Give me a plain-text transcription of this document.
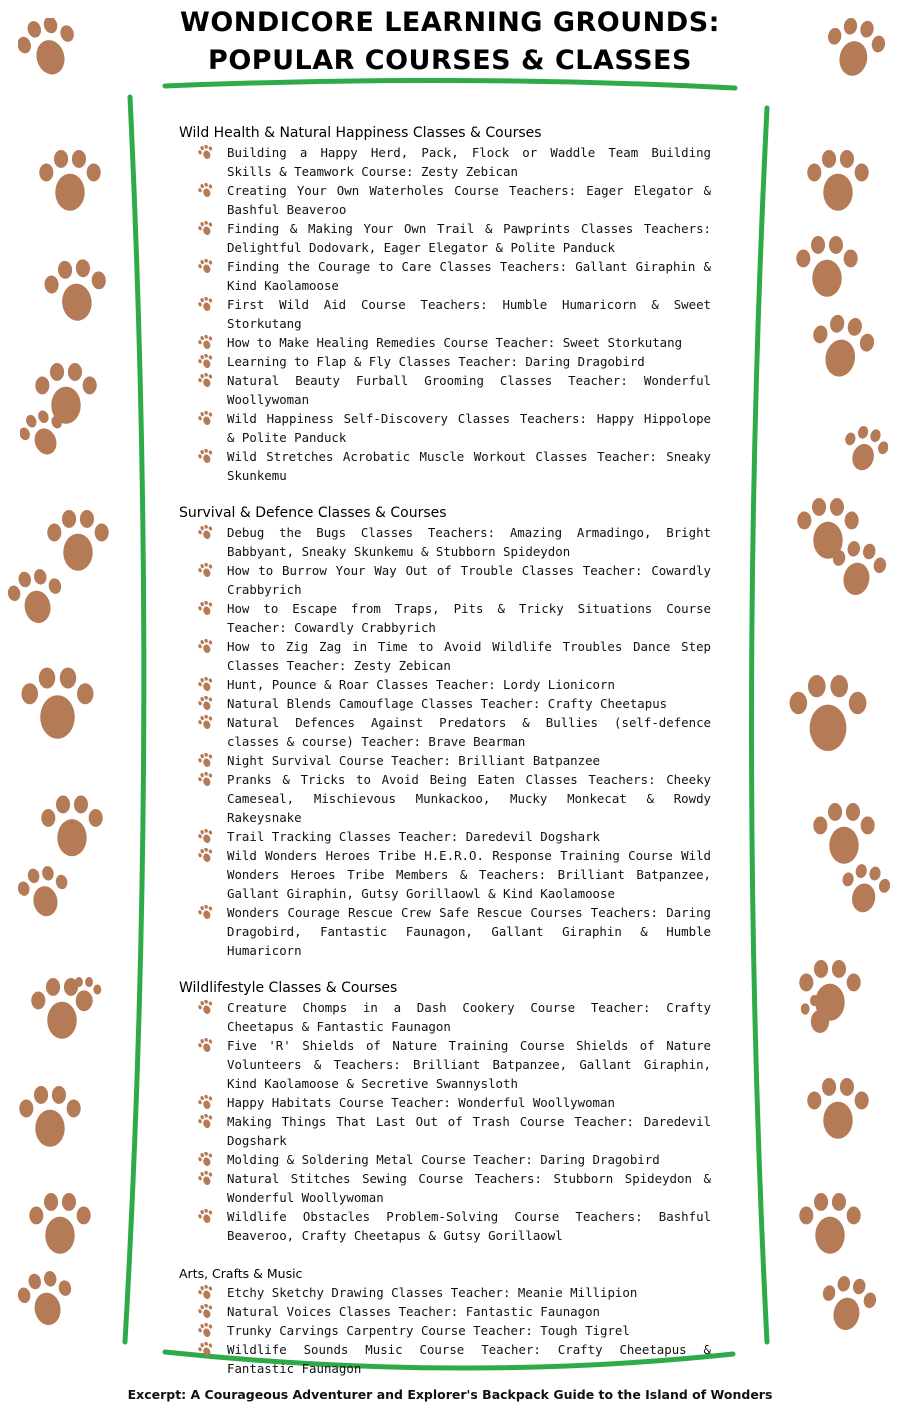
WONDICORE LEARNING GROUNDS:
POPULAR COURSES & CLASSES
Wild Health & Natural Happiness Classes & Courses
Building a Happy Herd, Pack, Flock or Waddle Team Building Skills & Teamwork Course: Zesty Zebican
Creating Your Own Waterholes Course Teachers: Eager Elegator & Bashful Beaveroo
Finding & Making Your Own Trail & Pawprints Classes Teachers: Delightful Dodovark, Eager Elegator & Polite Panduck
Finding the Courage to Care Classes Teachers: Gallant Giraphin & Kind Kaolamoose
First Wild Aid Course Teachers: Humble Humaricorn & Sweet Storkutang
How to Make Healing Remedies Course Teacher: Sweet Storkutang
Learning to Flap & Fly Classes Teacher: Daring Dragobird
Natural Beauty Furball Grooming Classes Teacher: Wonderful Woollywoman
Wild Happiness Self-Discovery Classes Teachers: Happy Hippolope & Polite Panduck
Wild Stretches Acrobatic Muscle Workout Classes Teacher: Sneaky Skunkemu
Survival & Defence Classes & Courses
Debug the Bugs Classes Teachers: Amazing Armadingo, Bright Babbyant, Sneaky Skunkemu & Stubborn Spideydon
How to Burrow Your Way Out of Trouble Classes Teacher: Cowardly Crabbyrich
How to Escape from Traps, Pits & Tricky Situations Course Teacher: Cowardly Crabbyrich
How to Zig Zag in Time to Avoid Wildlife Troubles Dance Step Classes Teacher: Zesty Zebican
Hunt, Pounce & Roar Classes Teacher: Lordy Lionicorn
Natural Blends Camouflage Classes Teacher: Crafty Cheetapus
Natural Defences Against Predators & Bullies (self-defence classes & course) Teacher: Brave Bearman
Night Survival Course Teacher: Brilliant Batpanzee
Pranks & Tricks to Avoid Being Eaten Classes Teachers: Cheeky Cameseal, Mischievous Munkackoo, Mucky Monkecat & Rowdy Rakeysnake
Trail Tracking Classes Teacher: Daredevil Dogshark
Wild Wonders Heroes Tribe H.E.R.O. Response Training Course Wild Wonders Heroes Tribe Members & Teachers: Brilliant Batpanzee, Gallant Giraphin, Gutsy Gorillaowl & Kind Kaolamoose
Wonders Courage Rescue Crew Safe Rescue Courses Teachers: Daring Dragobird, Fantastic Faunagon, Gallant Giraphin & Humble Humaricorn
Wildlifestyle Classes & Courses
Creature Chomps in a Dash Cookery Course Teacher: Crafty Cheetapus & Fantastic Faunagon
Five 'R' Shields of Nature Training Course Shields of Nature Volunteers & Teachers: Brilliant Batpanzee, Gallant Giraphin, Kind Kaolamoose & Secretive Swannysloth
Happy Habitats Course Teacher: Wonderful Woollywoman
Making Things That Last Out of Trash Course Teacher: Daredevil Dogshark
Molding & Soldering Metal Course Teacher: Daring Dragobird
Natural Stitches Sewing Course Teachers: Stubborn Spideydon & Wonderful Woollywoman
Wildlife Obstacles Problem-Solving Course Teachers: Bashful Beaveroo, Crafty Cheetapus & Gutsy Gorillaowl
Arts, Crafts & Music
Etchy Sketchy Drawing Classes Teacher: Meanie Millipion
Natural Voices Classes Teacher: Fantastic Faunagon
Trunky Carvings Carpentry Course Teacher: Tough Tigrel
Wildlife Sounds Music Course Teacher: Crafty Cheetapus & Fantastic Faunagon
Excerpt: A Courageous Adventurer and Explorer's Backpack Guide to the Island of Wonders
